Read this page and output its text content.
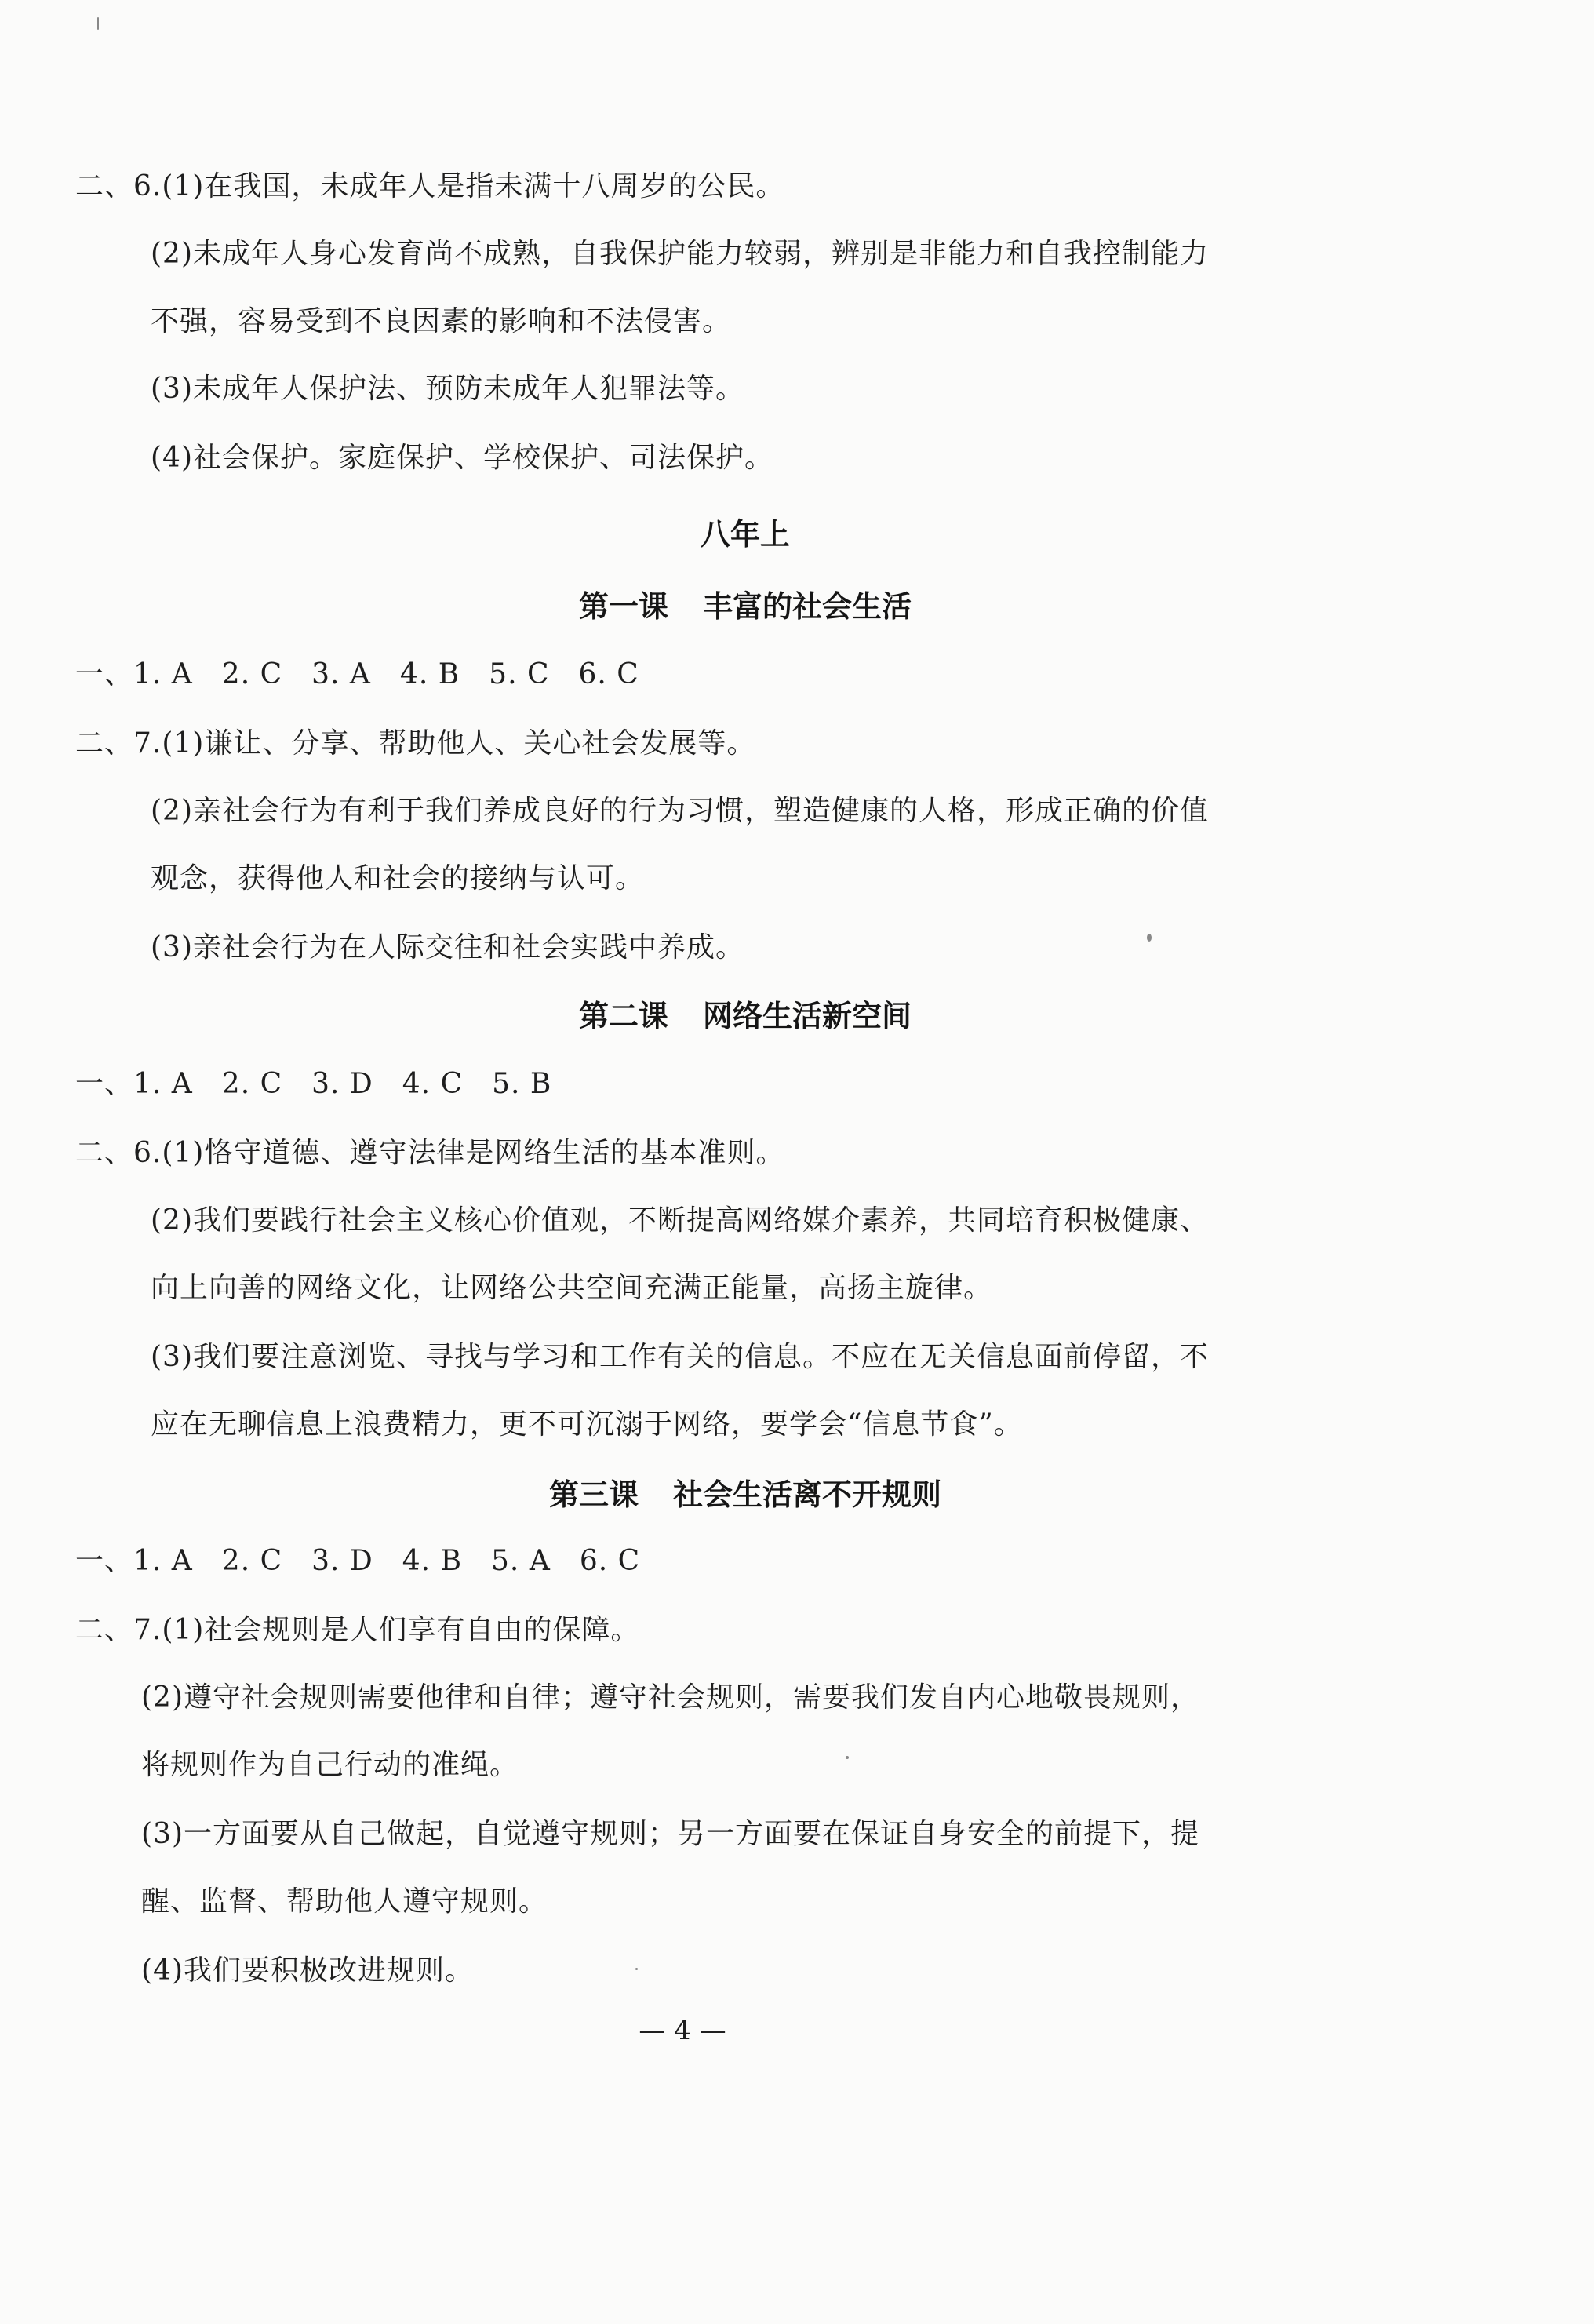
二、6.(1)在我国，未成年人是指未满十八周岁的公民。
(2)未成年人身心发育尚不成熟，自我保护能力较弱，辨别是非能力和自我控制能力
不强，容易受到不良因素的影响和不法侵害。
(3)未成年人保护法、预防未成年人犯罪法等。
(4)社会保护。家庭保护、学校保护、司法保护。
八年上
第一课 丰富的社会生活
一、1. A　2. C　3. A　4. B　5. C　6. C
二、7.(1)谦让、分享、帮助他人、关心社会发展等。
(2)亲社会行为有利于我们养成良好的行为习惯，塑造健康的人格，形成正确的价值
观念，获得他人和社会的接纳与认可。
(3)亲社会行为在人际交往和社会实践中养成。
第二课 网络生活新空间
一、1. A　2. C　3. D　4. C　5. B
二、6.(1)恪守道德、遵守法律是网络生活的基本准则。
(2)我们要践行社会主义核心价值观，不断提高网络媒介素养，共同培育积极健康、
向上向善的网络文化，让网络公共空间充满正能量，高扬主旋律。
(3)我们要注意浏览、寻找与学习和工作有关的信息。不应在无关信息面前停留，不
应在无聊信息上浪费精力，更不可沉溺于网络，要学会“信息节食”。
第三课 社会生活离不开规则
一、1. A　2. C　3. D　4. B　5. A　6. C
二、7.(1)社会规则是人们享有自由的保障。
(2)遵守社会规则需要他律和自律；遵守社会规则，需要我们发自内心地敬畏规则，
将规则作为自己行动的准绳。
(3)一方面要从自己做起，自觉遵守规则；另一方面要在保证自身安全的前提下，提
醒、监督、帮助他人遵守规则。
(4)我们要积极改进规则。
— 4 —
